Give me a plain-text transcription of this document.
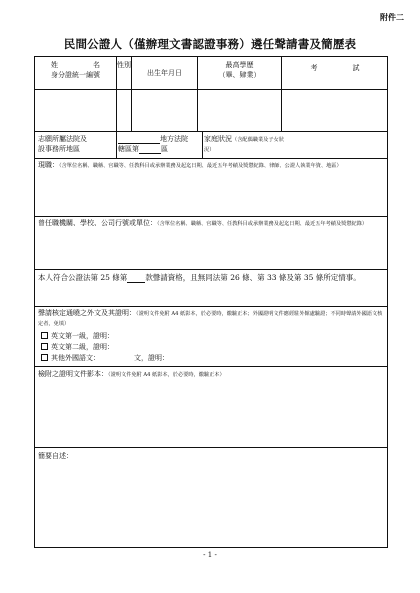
附件二
民間公證人（僅辦理文書認證事務）遴任聲請書及簡歷表
姓　　　　　名
身分證統一編號
性別
出生年月日
最高學歷
（畢、肄業）
考　　　　　試
志願所屬法院及
設事務所地區
地方法院
轄區第	區
家庭狀況（含配偶職業及子女狀況）
現職：（含單位名稱、職稱、官職等、任教科目或承辦業務及起迄日期、最近五年考績及獎懲紀錄、律師、公證人執業年資、地區）
曾任職機關、學校、公司行號或單位：（含單位名稱、職稱、官職等、任教科目或承辦業務及起迄日期、最近五年考績及獎懲紀錄）
本人符合公證法第 25 條第 款聲請資格，且無同法第 26 條、第 33 條及第 35 條所定情事。
聲請核定通曉之外文及其證明：（證明文件免附 A4 紙影本，於必要時，繳驗正本；外國證明文件應經駐外館處驗證；不同時聲請外國語文核定者，免填）
英文第一級，證明：
英文第二級，證明：
其他外國語文：	文，證明：
檢附之證明文件影本：（證明文件免附 A4 紙影本，於必要時，繳驗正本）
簡要自述：
- 1 -
